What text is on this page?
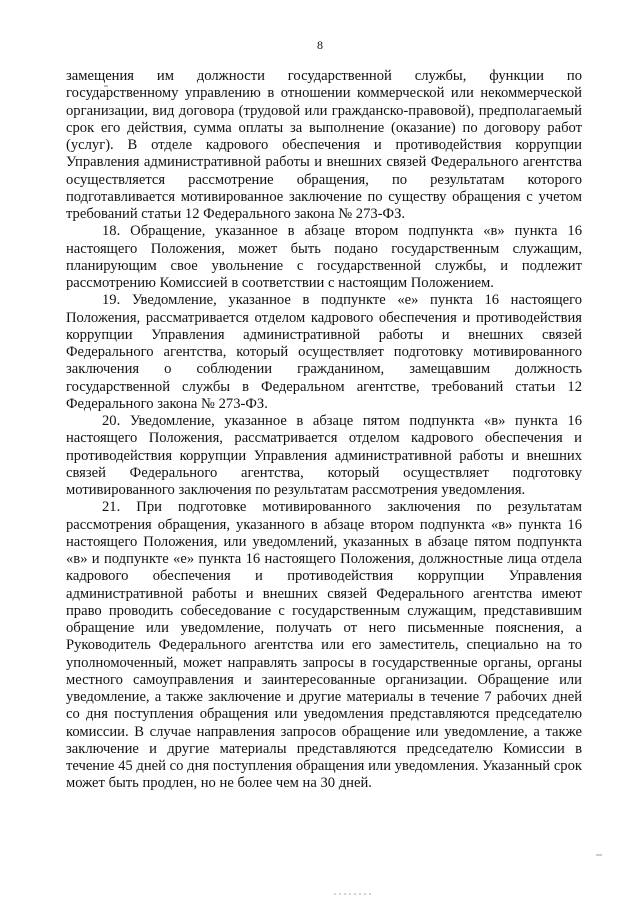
8

замещения им должности государственной службы, функции по государственному управлению в отношении коммерческой или некоммерческой организации, вид договора (трудовой или гражданско-правовой), предполагаемый срок его действия, сумма оплаты за выполнение (оказание) по договору работ (услуг). В отделе кадрового обеспечения и противодействия коррупции Управления административной работы и внешних связей Федерального агентства осуществляется рассмотрение обращения, по результатам которого подготавливается мотивированное заключение по существу обращения с учетом требований статьи 12 Федерального закона № 273-ФЗ.

18. Обращение, указанное в абзаце втором подпункта «в» пункта 16 настоящего Положения, может быть подано государственным служащим, планирующим свое увольнение с государственной службы, и подлежит рассмотрению Комиссией в соответствии с настоящим Положением.

19. Уведомление, указанное в подпункте «е» пункта 16 настоящего Положения, рассматривается отделом кадрового обеспечения и противодействия коррупции Управления административной работы и внешних связей Федерального агентства, который осуществляет подготовку мотивированного заключения о соблюдении гражданином, замещавшим должность государственной службы в Федеральном агентстве, требований статьи 12 Федерального закона № 273-ФЗ.

20. Уведомление, указанное в абзаце пятом подпункта «в» пункта 16 настоящего Положения, рассматривается отделом кадрового обеспечения и противодействия коррупции Управления административной работы и внешних связей Федерального агентства, который осуществляет подготовку мотивированного заключения по результатам рассмотрения уведомления.

21. При подготовке мотивированного заключения по результатам рассмотрения обращения, указанного в абзаце втором подпункта «в» пункта 16 настоящего Положения, или уведомлений, указанных в абзаце пятом подпункта «в» и подпункте «е» пункта 16 настоящего Положения, должностные лица отдела кадрового обеспечения и противодействия коррупции Управления административной работы и внешних связей Федерального агентства имеют право проводить собеседование с государственным служащим, представившим обращение или уведомление, получать от него письменные пояснения, а Руководитель Федерального агентства или его заместитель, специально на то уполномоченный, может направлять запросы в государственные органы, органы местного самоуправления и заинтересованные организации. Обращение или уведомление, а также заключение и другие материалы в течение 7 рабочих дней со дня поступления обращения или уведомления представляются председателю комиссии. В случае направления запросов обращение или уведомление, а также заключение и другие материалы представляются председателю Комиссии в течение 45 дней со дня поступления обращения или уведомления. Указанный срок может быть продлен, но не более чем на 30 дней.
